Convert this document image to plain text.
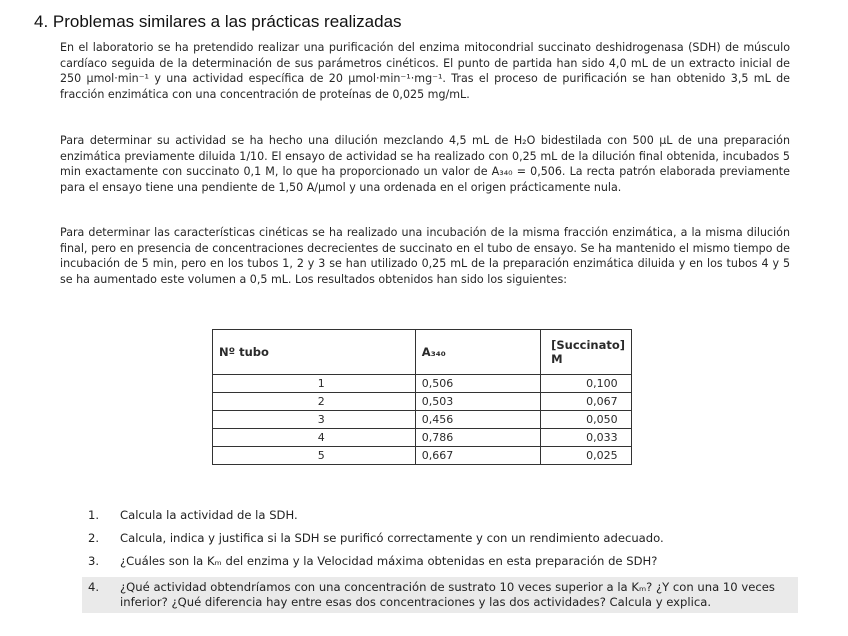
4. Problemas similares a las prácticas realizadas

En el laboratorio se ha pretendido realizar una purificación del enzima mitocondrial succinato deshidrogenasa (SDH) de músculo cardíaco seguida de la determinación de sus parámetros cinéticos. El punto de partida han sido 4,0 mL de un extracto inicial de 250 µmol·min⁻¹ y una actividad específica de 20 µmol·min⁻¹·mg⁻¹. Tras el proceso de purificación se han obtenido 3,5 mL de fracción enzimática con una concentración de proteínas de 0,025 mg/mL.

Para determinar su actividad se ha hecho una dilución mezclando 4,5 mL de H₂O bidestilada con 500 µL de una preparación enzimática previamente diluida 1/10. El ensayo de actividad se ha realizado con 0,25 mL de la dilución final obtenida, incubados 5 min exactamente con succinato 0,1 M, lo que ha proporcionado un valor de A₃₄₀ = 0,506. La recta patrón elaborada previamente para el ensayo tiene una pendiente de 1,50 A/µmol y una ordenada en el origen prácticamente nula.

Para determinar las características cinéticas se ha realizado una incubación de la misma fracción enzimática, a la misma dilución final, pero en presencia de concentraciones decrecientes de succinato en el tubo de ensayo. Se ha mantenido el mismo tiempo de incubación de 5 min, pero en los tubos 1, 2 y 3 se han utilizado 0,25 mL de la preparación enzimática diluida y en los tubos 4 y 5 se ha aumentado este volumen a 0,5 mL. Los resultados obtenidos han sido los siguientes:

Nº tubo	A₃₄₀	[Succinato] M
1	0,506	0,100
2	0,503	0,067
3	0,456	0,050
4	0,786	0,033
5	0,667	0,025
1. Calcula la actividad de la SDH.
2. Calcula, indica y justifica si la SDH se purificó correctamente y con un rendimiento adecuado.
3. ¿Cuáles son la Kₘ del enzima y la Velocidad máxima obtenidas en esta preparación de SDH?
4. ¿Qué actividad obtendríamos con una concentración de sustrato 10 veces superior a la Kₘ? ¿Y con una 10 veces inferior? ¿Qué diferencia hay entre esas dos concentraciones y las dos actividades? Calcula y explica.
